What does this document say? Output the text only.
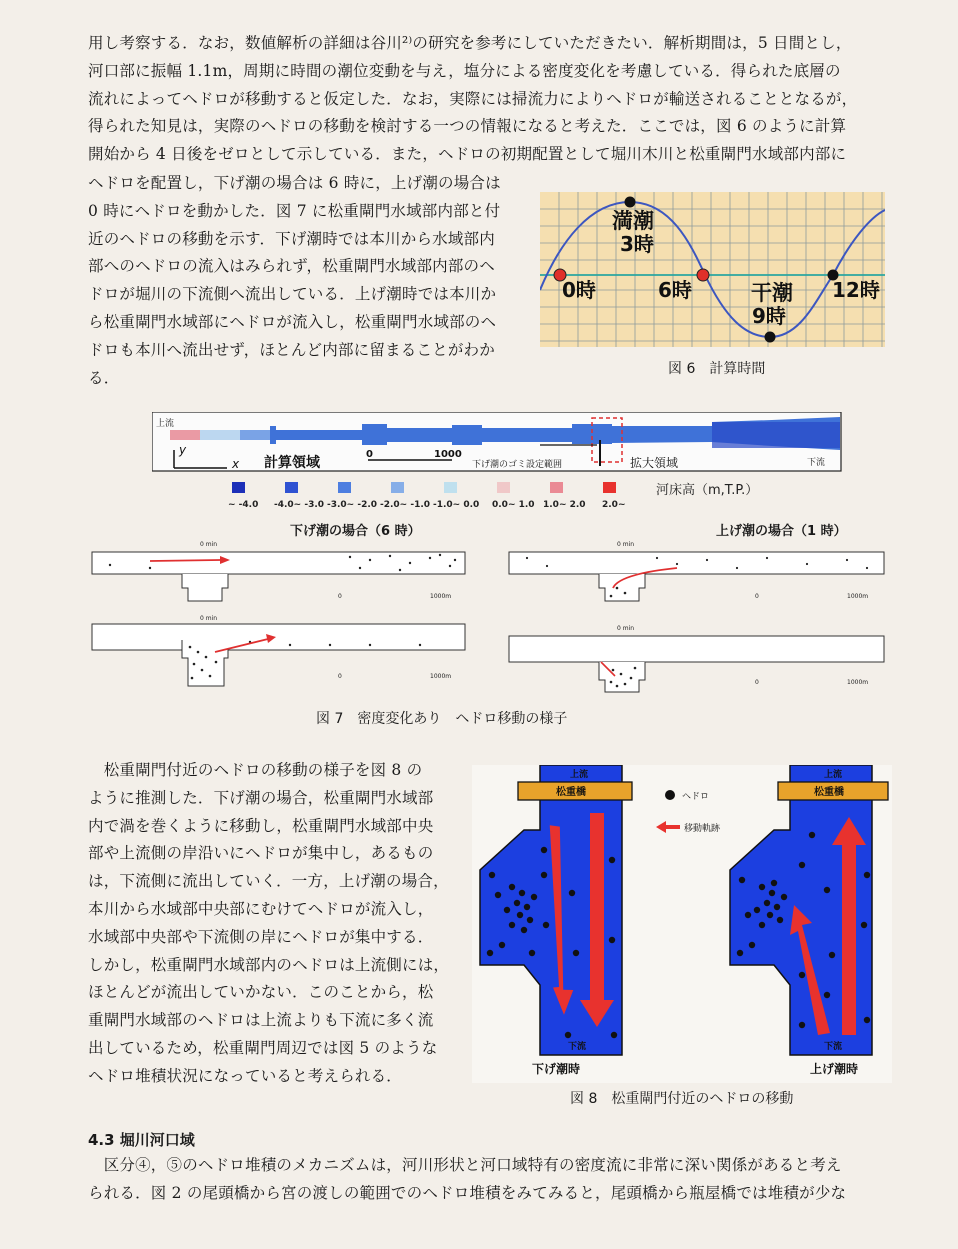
用し考察する．なお，数値解析の詳細は谷川²⁾の研究を参考にしていただきたい．解析期間は，5 日間とし，

河口部に振幅 1.1m，周期に時間の潮位変動を与え，塩分による密度変化を考慮している．得られた底層の

流れによってヘドロが移動すると仮定した．なお，実際には掃流力によりヘドロが輸送されることとなるが，

得られた知見は，実際のヘドロの移動を検討する一つの情報になると考えた．ここでは，図 6 のように計算

開始から 4 日後をゼロとして示している．また，ヘドロの初期配置として堀川木川と松重閘門水域部内部に

ヘドロを配置し，下げ潮の場合は 6 時に，上げ潮の場合は

0 時にヘドロを動かした．図 7 に松重閘門水域部内部と付

近のヘドロの移動を示す．下げ潮時では本川から水域部内

部へのヘドロの流入はみられず，松重閘門水域部内部のヘ

ドロが堀川の下流側へ流出している．上げ潮時では本川か

ら松重閘門水域部にヘドロが流入し，松重閘門水域部のヘ

ドロも本川へ流出せず，ほとんど内部に留まることがわか

る．

満潮
3時
0時	6時	干潮
9時
12時
図 6　計算時間
上流
下流
y
x 計算領域
0	1000
下げ潮のゴミ設定範囲	拡大領域
~ -4.0 -4.0~ -3.0 -3.0~ -2.0 -2.0~ -1.0 -1.0~ 0.0 0.0~ 1.0 1.0~ 2.0 2.0~
河床高（m,T.P.）
下げ潮の場合（6 時）	上げ潮の場合（1 時）
0 min
0	1000m
0 min
0	1000m
0 min
0	1000m
0 min
0	1000m
図 7　密度変化あり　ヘドロ移動の様子

　松重閘門付近のヘドロの移動の様子を図 8 の

ように推測した．下げ潮の場合，松重閘門水域部

内で渦を巻くように移動し，松重閘門水域部中央

部や上流側の岸沿いにヘドロが集中し，あるもの

は，下流側に流出していく．一方，上げ潮の場合，

本川から水域部中央部にむけてヘドロが流入し，

水域部中央部や下流側の岸にヘドロが集中する．

しかし，松重閘門水域部内のヘドロは上流側には，

ほとんどが流出していかない．このことから，松

重閘門水域部のヘドロは上流よりも下流に多く流

出しているため，松重閘門周辺では図 5 のような

ヘドロ堆積状況になっていると考えられる．

松重橋
上流
下流
ヘドロ
移動軌跡
松重橋
上流
下流
下げ潮時	上げ潮時
図 8　松重閘門付近のヘドロの移動
4.3 堀川河口域

　区分④，⑤のヘドロ堆積のメカニズムは，河川形状と河口域特有の密度流に非常に深い関係があると考え

られる．図 2 の尾頭橋から宮の渡しの範囲でのヘドロ堆積をみてみると，尾頭橋から瓶屋橋では堆積が少な
